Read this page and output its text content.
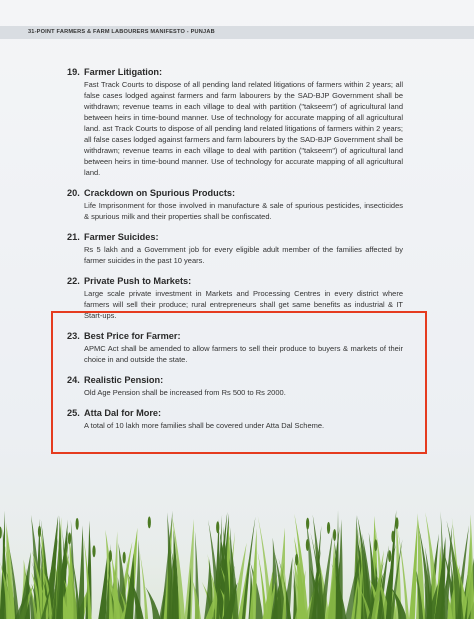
31-POINT FARMERS & FARM LABOURERS MANIFESTO - PUNJAB
19. Farmer Litigation:

Fast Track Courts to dispose of all pending land related litigations of farmers within 2 years; all false cases lodged against farmers and farm labourers by the SAD-BJP Government shall be withdrawn; revenue teams in each village to deal with partition ("takseem") of agricultural land between heirs in time-bound manner. Use of technology for accurate mapping of all agricultural land. ast Track Courts to dispose of all pending land related litigations of farmers within 2 years; all false cases lodged against farmers and farm labourers by the SAD-BJP Government shall be withdrawn; revenue teams in each village to deal with partition ("takseem") of agricultural land between heirs in time-bound manner. Use of technology for accurate mapping of all agricultural land.

20. Crackdown on Spurious Products:

Life Imprisonment for those involved in manufacture & sale of spurious pesticides, insecticides & spurious milk and their properties shall be confiscated.

21. Farmer Suicides:

Rs 5 lakh and a Government job for every eligible adult member of the families affected by farmer suicides in the past 10 years.

22. Private Push to Markets:

Large scale private investment in Markets and Processing Centres in every district where farmers will sell their produce; rural entrepreneurs shall get same benefits as industrial & IT Start-ups.

23. Best Price for Farmer:

APMC Act shall be amended to allow farmers to sell their produce to buyers & markets of their choice in and outside the state.

24. Realistic Pension:

Old Age Pension shall be increased from Rs 500 to Rs 2000.

25. Atta Dal for More:

A total of 10 lakh more families shall be covered under Atta Dal Scheme.
